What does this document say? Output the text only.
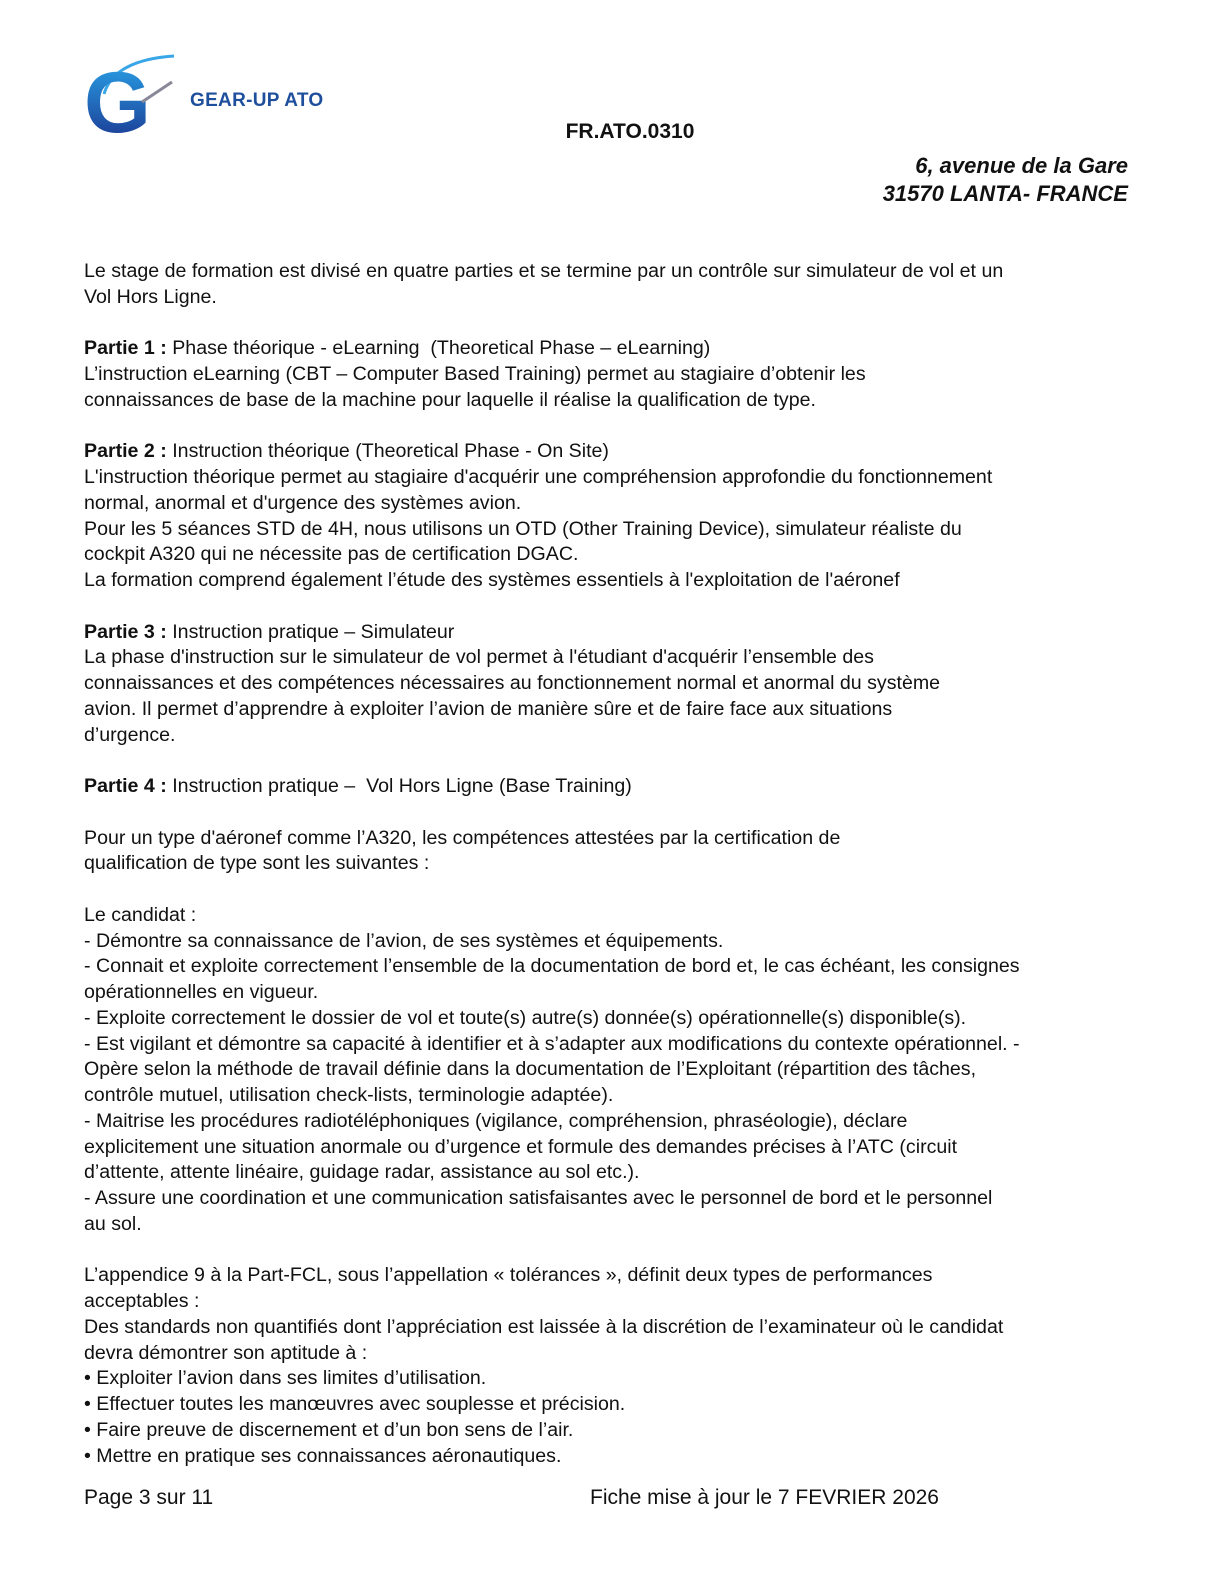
G GEAR-UP ATO
FR.ATO.0310
6, avenue de la Gare
31570 LANTA- FRANCE
Le stage de formation est divisé en quatre parties et se termine par un contrôle sur simulateur de vol et un
Vol Hors Ligne.
Partie 1 : Phase théorique - eLearning  (Theoretical Phase – eLearning)
L’instruction eLearning (CBT – Computer Based Training) permet au stagiaire d’obtenir les
connaissances de base de la machine pour laquelle il réalise la qualification de type.
Partie 2 : Instruction théorique (Theoretical Phase - On Site)
L'instruction théorique permet au stagiaire d'acquérir une compréhension approfondie du fonctionnement
normal, anormal et d'urgence des systèmes avion.
Pour les 5 séances STD de 4H, nous utilisons un OTD (Other Training Device), simulateur réaliste du
cockpit A320 qui ne nécessite pas de certification DGAC.
La formation comprend également l’étude des systèmes essentiels à l'exploitation de l'aéronef
Partie 3 : Instruction pratique – Simulateur
La phase d'instruction sur le simulateur de vol permet à l'étudiant d'acquérir l’ensemble des
connaissances et des compétences nécessaires au fonctionnement normal et anormal du système
avion. Il permet d’apprendre à exploiter l’avion de manière sûre et de faire face aux situations
d’urgence.
Partie 4 : Instruction pratique –  Vol Hors Ligne (Base Training)
Pour un type d'aéronef comme l’A320, les compétences attestées par la certification de
qualification de type sont les suivantes :
Le candidat :
- Démontre sa connaissance de l’avion, de ses systèmes et équipements.
- Connait et exploite correctement l’ensemble de la documentation de bord et, le cas échéant, les consignes
opérationnelles en vigueur.
- Exploite correctement le dossier de vol et toute(s) autre(s) donnée(s) opérationnelle(s) disponible(s).
- Est vigilant et démontre sa capacité à identifier et à s’adapter aux modifications du contexte opérationnel. -
Opère selon la méthode de travail définie dans la documentation de l’Exploitant (répartition des tâches,
contrôle mutuel, utilisation check-lists, terminologie adaptée).
- Maitrise les procédures radiotéléphoniques (vigilance, compréhension, phraséologie), déclare
explicitement une situation anormale ou d’urgence et formule des demandes précises à l’ATC (circuit
d’attente, attente linéaire, guidage radar, assistance au sol etc.).
- Assure une coordination et une communication satisfaisantes avec le personnel de bord et le personnel
au sol.
L’appendice 9 à la Part-FCL, sous l’appellation « tolérances », définit deux types de performances
acceptables :
Des standards non quantifiés dont l’appréciation est laissée à la discrétion de l’examinateur où le candidat
devra démontrer son aptitude à :
• Exploiter l’avion dans ses limites d’utilisation.
• Effectuer toutes les manœuvres avec souplesse et précision.
• Faire preuve de discernement et d’un bon sens de l’air.
• Mettre en pratique ses connaissances aéronautiques.
Page 3 sur 11	Fiche mise à jour le 7 FEVRIER 2026
